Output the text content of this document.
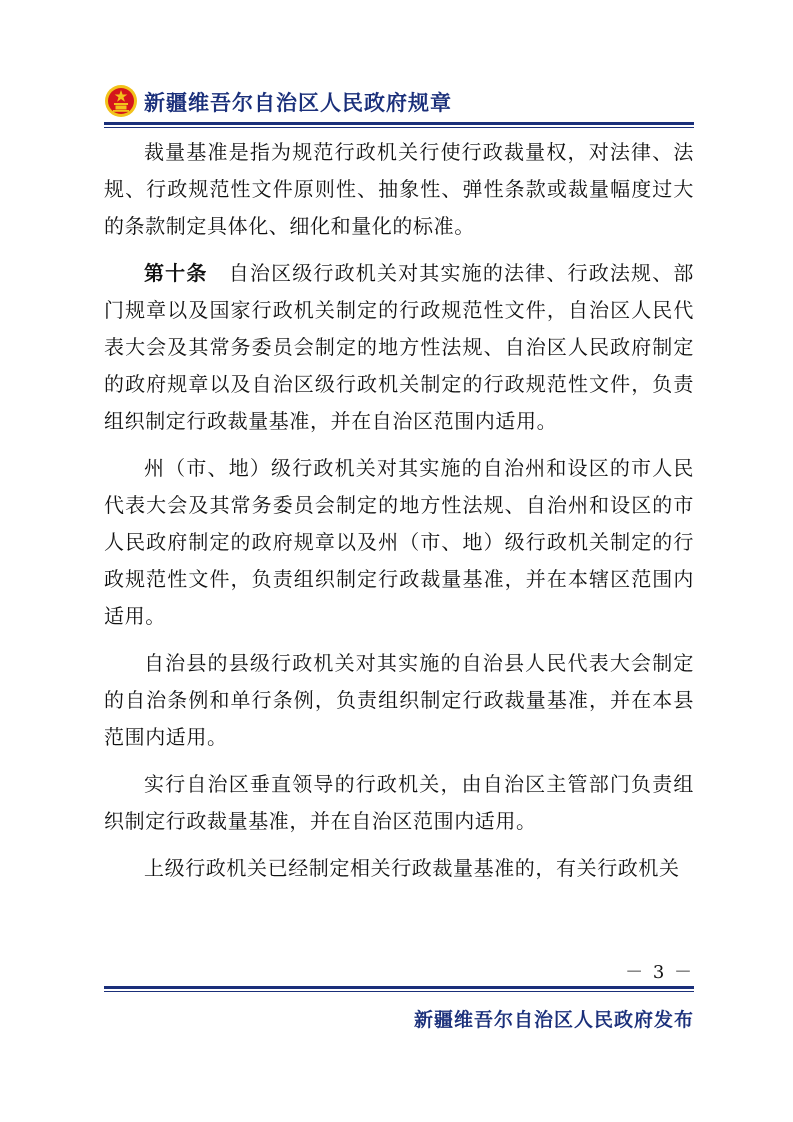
新疆维吾尔自治区人民政府规章

裁量基准是指为规范行政机关行使行政裁量权，对法律、法规、行政规范性文件原则性、抽象性、弹性条款或裁量幅度过大的条款制定具体化、细化和量化的标准。

第十条　 自治区级行政机关对其实施的法律、行政法规、部门规章以及国家行政机关制定的行政规范性文件，自治区人民代表大会及其常务委员会制定的地方性法规、自治区人民政府制定的政府规章以及自治区级行政机关制定的行政规范性文件，负责组织制定行政裁量基准，并在自治区范围内适用。

州（市、地）级行政机关对其实施的自治州和设区的市人民代表大会及其常务委员会制定的地方性法规、自治州和设区的市人民政府制定的政府规章以及州（市、地）级行政机关制定的行政规范性文件，负责组织制定行政裁量基准，并在本辖区范围内适用。

自治县的县级行政机关对其实施的自治县人民代表大会制定的自治条例和单行条例，负责组织制定行政裁量基准，并在本县范围内适用。

实行自治区垂直领导的行政机关，由自治区主管部门负责组织制定行政裁量基准，并在自治区范围内适用。

上级行政机关已经制定相关行政裁量基准的，有关行政机关

－ 3 －
新疆维吾尔自治区人民政府发布
